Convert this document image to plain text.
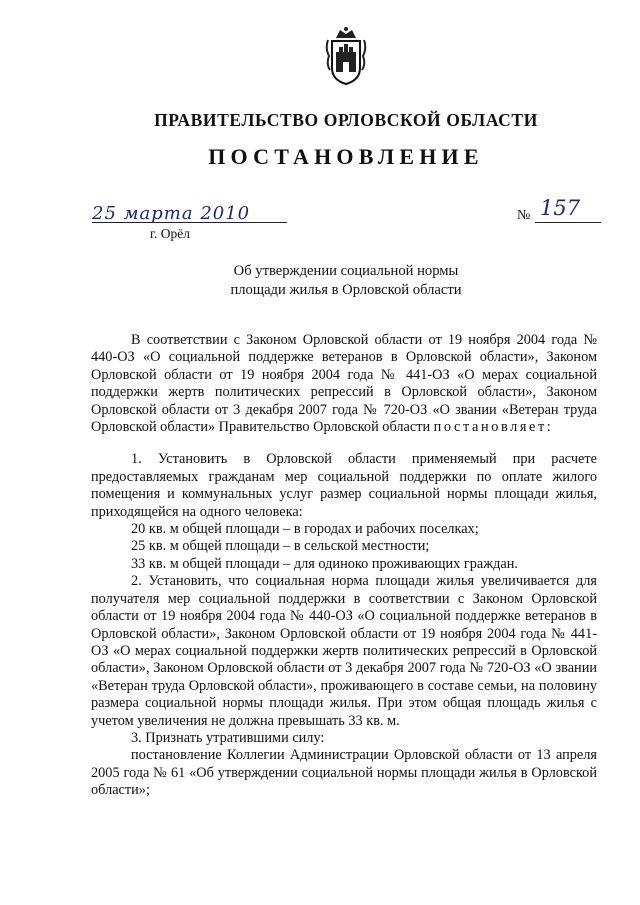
ПРАВИТЕЛЬСТВО ОРЛОВСКОЙ ОБЛАСТИ
ПОСТАНОВЛЕНИЕ
25 марта 2010
г. Орёл
№ 157
Об утверждении социальной нормы
площади жилья в Орловской области

В соответствии с Законом Орловской области от 19 ноября 2004 года № 440-ОЗ «О социальной поддержке ветеранов в Орловской области», Законом Орловской области от 19 ноября 2004 года № 441-ОЗ «О мерах социальной поддержки жертв политических репрессий в Орловской области», Законом Орловской области от 3 декабря 2007 года № 720-ОЗ «О звании «Ветеран труда Орловской области» Правительство Орловской области постановляет:

1. Установить в Орловской области применяемый при расчете предоставляемых гражданам мер социальной поддержки по оплате жилого помещения и коммунальных услуг размер социальной нормы площади жилья, приходящейся на одного человека:

20 кв. м общей площади – в городах и рабочих поселках;

25 кв. м общей площади – в сельской местности;

33 кв. м общей площади – для одиноко проживающих граждан.

2. Установить, что социальная норма площади жилья увеличивается для получателя мер социальной поддержки в соответствии с Законом Орловской области от 19 ноября 2004 года № 440-ОЗ «О социальной поддержке ветеранов в Орловской области», Законом Орловской области от 19 ноября 2004 года № 441-ОЗ «О мерах социальной поддержки жертв политических репрессий в Орловской области», Законом Орловской области от 3 декабря 2007 года № 720-ОЗ «О звании «Ветеран труда Орловской области», проживающего в составе семьи, на половину размера социальной нормы площади жилья. При этом общая площадь жилья с учетом увеличения не должна превышать 33 кв. м.

3. Признать утратившими силу:

постановление Коллегии Администрации Орловской области от 13 апреля 2005 года № 61 «Об утверждении социальной нормы площади жилья в Орловской области»;
